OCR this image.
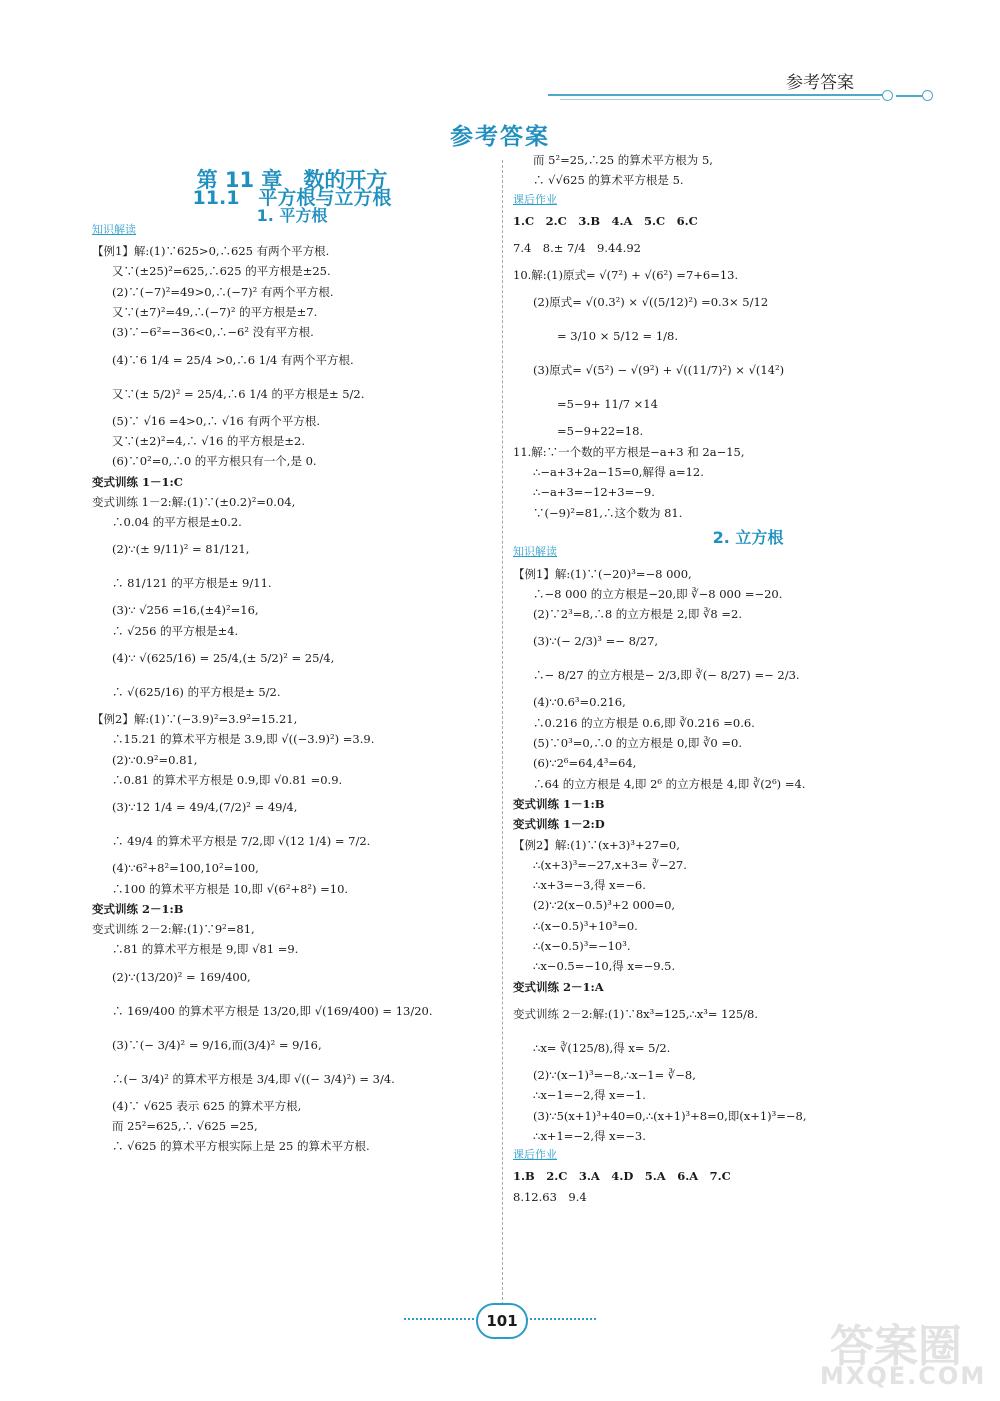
参考答案
参考答案
第 11 章　数的开方
11.1　平方根与立方根
1. 平方根
知识解读
【例1】解:(1)∵625>0,∴625 有两个平方根.
又∵(±25)²=625,∴625 的平方根是±25.
(2)∵(−7)²=49>0,∴(−7)² 有两个平方根.
又∵(±7)²=49,∴(−7)² 的平方根是±7.
(3)∵−6²=−36<0,∴−6² 没有平方根.
(4)∵6 1/4 = 25/4 >0,∴6 1/4 有两个平方根.
又∵(± 5/2)² = 25/4,∴6 1/4 的平方根是± 5/2.
(5)∵ √16 =4>0,∴ √16 有两个平方根.
又∵(±2)²=4,∴ √16 的平方根是±2.
(6)∵0²=0,∴0 的平方根只有一个,是 0.
变式训练 1－1:C
变式训练 1－2:解:(1)∵(±0.2)²=0.04,
∴0.04 的平方根是±0.2.
(2)∵(± 9/11)² = 81/121,
∴ 81/121 的平方根是± 9/11.
(3)∵ √256 =16,(±4)²=16,
∴ √256 的平方根是±4.
(4)∵ √(625/16) = 25/4,(± 5/2)² = 25/4,
∴ √(625/16) 的平方根是± 5/2.
【例2】解:(1)∵(−3.9)²=3.9²=15.21,
∴15.21 的算术平方根是 3.9,即 √((−3.9)²) =3.9.
(2)∵0.9²=0.81,
∴0.81 的算术平方根是 0.9,即 √0.81 =0.9.
(3)∵12 1/4 = 49/4,(7/2)² = 49/4,
∴ 49/4 的算术平方根是 7/2,即 √(12 1/4) = 7/2.
(4)∵6²+8²=100,10²=100,
∴100 的算术平方根是 10,即 √(6²+8²) =10.
变式训练 2－1:B
变式训练 2－2:解:(1)∵9²=81,
∴81 的算术平方根是 9,即 √81 =9.
(2)∵(13/20)² = 169/400,
∴ 169/400 的算术平方根是 13/20,即 √(169/400) = 13/20.
(3)∵(− 3/4)² = 9/16,而(3/4)² = 9/16,
∴(− 3/4)² 的算术平方根是 3/4,即 √((− 3/4)²) = 3/4.
(4)∵ √625 表示 625 的算术平方根,
而 25²=625,∴ √625 =25,
∴ √625 的算术平方根实际上是 25 的算术平方根.
而 5²=25,∴25 的算术平方根为 5,
∴ √√625 的算术平方根是 5.
课后作业
1.C　2.C　3.B　4.A　5.C　6.C
7.4　8.± 7/4　9.44.92
10.解:(1)原式= √(7²) + √(6²) =7+6=13.
(2)原式= √(0.3²) × √((5/12)²) =0.3× 5/12
= 3/10 × 5/12 = 1/8.
(3)原式= √(5²) − √(9²) + √((11/7)²) × √(14²)
=5−9+ 11/7 ×14
=5−9+22=18.
11.解:∵一个数的平方根是−a+3 和 2a−15,
∴−a+3+2a−15=0,解得 a=12.
∴−a+3=−12+3=−9.
∵(−9)²=81,∴这个数为 81.
2. 立方根
知识解读
【例1】解:(1)∵(−20)³=−8 000,
∴−8 000 的立方根是−20,即 ∛−8 000 =−20.
(2)∵2³=8,∴8 的立方根是 2,即 ∛8 =2.
(3)∵(− 2/3)³ =− 8/27,
∴− 8/27 的立方根是− 2/3,即 ∛(− 8/27) =− 2/3.
(4)∵0.6³=0.216,
∴0.216 的立方根是 0.6,即 ∛0.216 =0.6.
(5)∵0³=0,∴0 的立方根是 0,即 ∛0 =0.
(6)∵2⁶=64,4³=64,
∴64 的立方根是 4,即 2⁶ 的立方根是 4,即 ∛(2⁶) =4.
变式训练 1－1:B
变式训练 1－2:D
【例2】解:(1)∵(x+3)³+27=0,
∴(x+3)³=−27,x+3= ∛−27.
∴x+3=−3,得 x=−6.
(2)∵2(x−0.5)³+2 000=0,
∴(x−0.5)³+10³=0.
∴(x−0.5)³=−10³.
∴x−0.5=−10,得 x=−9.5.
变式训练 2－1:A
变式训练 2－2:解:(1)∵8x³=125,∴x³= 125/8.
∴x= ∛(125/8),得 x= 5/2.
(2)∵(x−1)³=−8,∴x−1= ∛−8,
∴x−1=−2,得 x=−1.
(3)∵5(x+1)³+40=0,∴(x+1)³+8=0,即(x+1)³=−8,
∴x+1=−2,得 x=−3.
课后作业
1.B　2.C　3.A　4.D　5.A　6.A　7.C
8.12.63　9.4
101	答案圈
MXQE.COM
